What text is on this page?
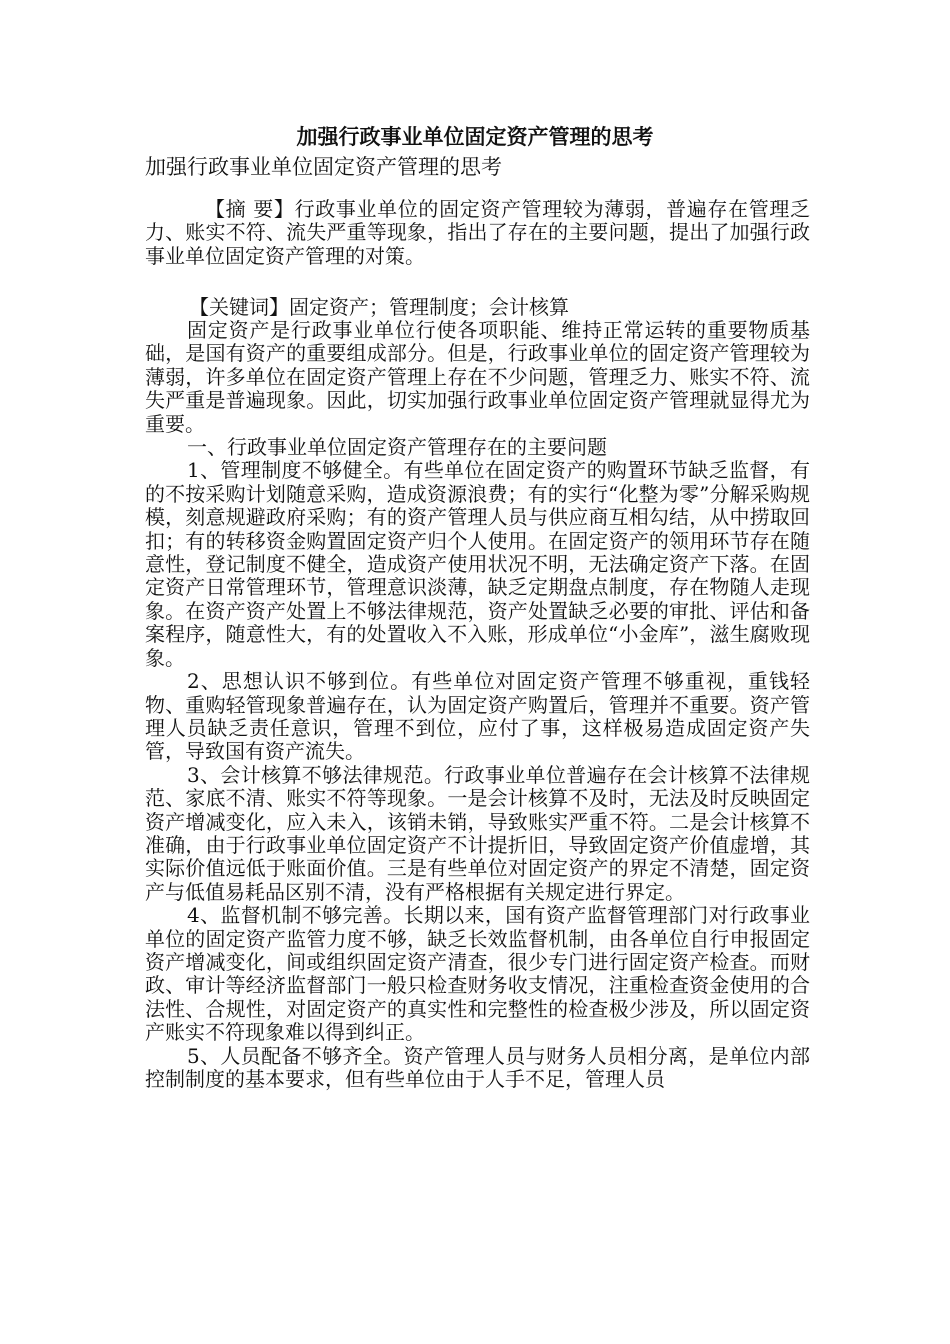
加强行政事业单位固定资产管理的思考
加强行政事业单位固定资产管理的思考

【摘 要】行政事业单位的固定资产管理较为薄弱，普遍存在管理乏力、账实不符、流失严重等现象，指出了存在的主要问题，提出了加强行政事业单位固定资产管理的对策。

【关键词】固定资产；管理制度；会计核算

固定资产是行政事业单位行使各项职能、维持正常运转的重要物质基础，是国有资产的重要组成部分。但是，行政事业单位的固定资产管理较为薄弱，许多单位在固定资产管理上存在不少问题，管理乏力、账实不符、流失严重是普遍现象。因此，切实加强行政事业单位固定资产管理就显得尤为重要。

一、行政事业单位固定资产管理存在的主要问题

1、管理制度不够健全。有些单位在固定资产的购置环节缺乏监督，有的不按采购计划随意采购，造成资源浪费；有的实行“化整为零”分解采购规模，刻意规避政府采购；有的资产管理人员与供应商互相勾结，从中捞取回扣；有的转移资金购置固定资产归个人使用。在固定资产的领用环节存在随意性，登记制度不健全，造成资产使用状况不明，无法确定资产下落。在固定资产日常管理环节，管理意识淡薄，缺乏定期盘点制度，存在物随人走现象。在资产资产处置上不够法律规范，资产处置缺乏必要的审批、评估和备案程序，随意性大，有的处置收入不入账，形成单位“小金库”，滋生腐败现象。

2、思想认识不够到位。有些单位对固定资产管理不够重视，重钱轻物、重购轻管现象普遍存在，认为固定资产购置后，管理并不重要。资产管理人员缺乏责任意识，管理不到位，应付了事，这样极易造成固定资产失管，导致国有资产流失。

3、会计核算不够法律规范。行政事业单位普遍存在会计核算不法律规范、家底不清、账实不符等现象。一是会计核算不及时，无法及时反映固定资产增减变化，应入未入，该销未销，导致账实严重不符。二是会计核算不准确，由于行政事业单位固定资产不计提折旧，导致固定资产价值虚增，其实际价值远低于账面价值。三是有些单位对固定资产的界定不清楚，固定资产与低值易耗品区别不清，没有严格根据有关规定进行界定。

4、监督机制不够完善。长期以来，国有资产监督管理部门对行政事业单位的固定资产监管力度不够，缺乏长效监督机制，由各单位自行申报固定资产增减变化，间或组织固定资产清查，很少专门进行固定资产检查。而财政、审计等经济监督部门一般只检查财务收支情况，注重检查资金使用的合法性、合规性，对固定资产的真实性和完整性的检查极少涉及，所以固定资产账实不符现象难以得到纠正。

5、人员配备不够齐全。资产管理人员与财务人员相分离，是单位内部控制制度的基本要求，但有些单位由于人手不足，管理人员
